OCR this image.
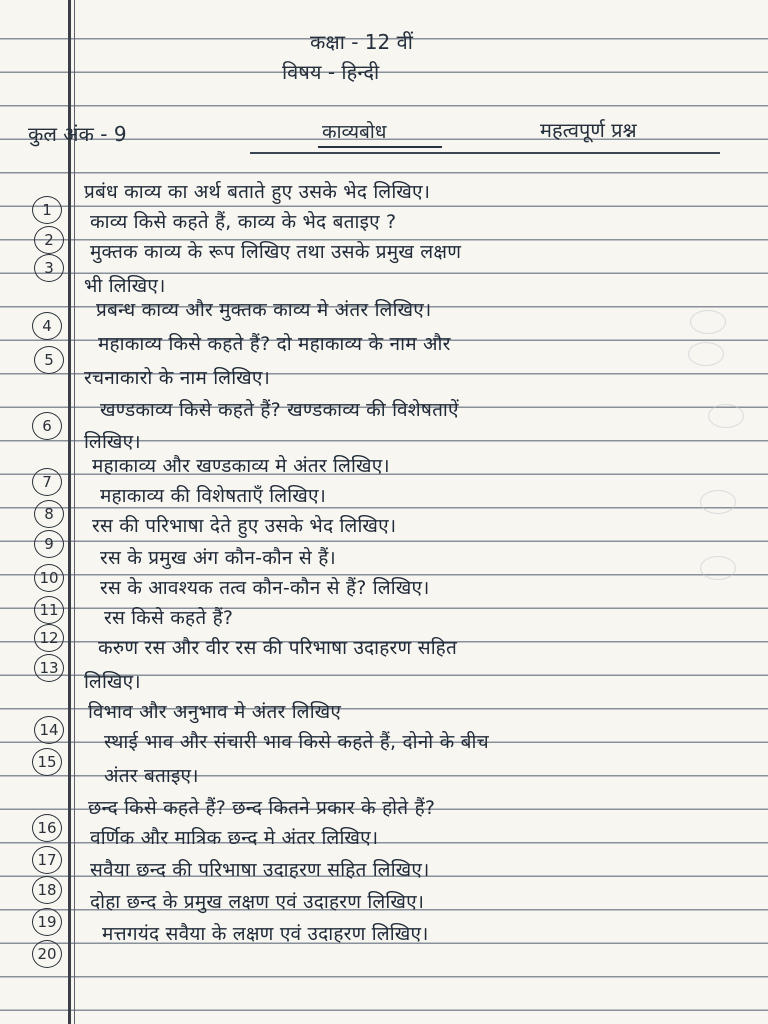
कक्षा - 12 वीं
विषय - हिन्दी
कुल अंक - 9	काव्यबोध	महत्वपूर्ण प्रश्न
1
प्रबंध काव्य का अर्थ बताते हुए उसके भेद लिखिए।
2
काव्य किसे कहते हैं, काव्य के भेद बताइए ?
3
मुक्तक काव्य के रूप लिखिए तथा उसके प्रमुख लक्षण
भी लिखिए।
4
प्रबन्ध काव्य और मुक्तक काव्य मे अंतर लिखिए।
5
महाकाव्य किसे कहते हैं? दो महाकाव्य के नाम और
रचनाकारो के नाम लिखिए।
6
खण्डकाव्य किसे कहते हैं? खण्डकाव्य की विशेषताऐं
लिखिए।
7
महाकाव्य और खण्डकाव्य मे अंतर लिखिए।
8
महाकाव्य की विशेषताएँ लिखिए।
9
रस की परिभाषा देते हुए उसके भेद लिखिए।
10
रस के प्रमुख अंग कौन-कौन से हैं।
11
रस के आवश्यक तत्व कौन-कौन से हैं? लिखिए।
12
रस किसे कहते हैं?
13
करुण रस और वीर रस की परिभाषा उदाहरण सहित
लिखिए।
14
विभाव और अनुभाव मे अंतर लिखिए
15
स्थाई भाव और संचारी भाव किसे कहते हैं, दोनो के बीच
अंतर बताइए।
16
छन्द किसे कहते हैं? छन्द कितने प्रकार के होते हैं?
17
वर्णिक और मात्रिक छन्द मे अंतर लिखिए।
18
सवैया छन्द की परिभाषा उदाहरण सहित लिखिए।
19
दोहा छन्द के प्रमुख लक्षण एवं उदाहरण लिखिए।
20
मत्तगयंद सवैया के लक्षण एवं उदाहरण लिखिए।
